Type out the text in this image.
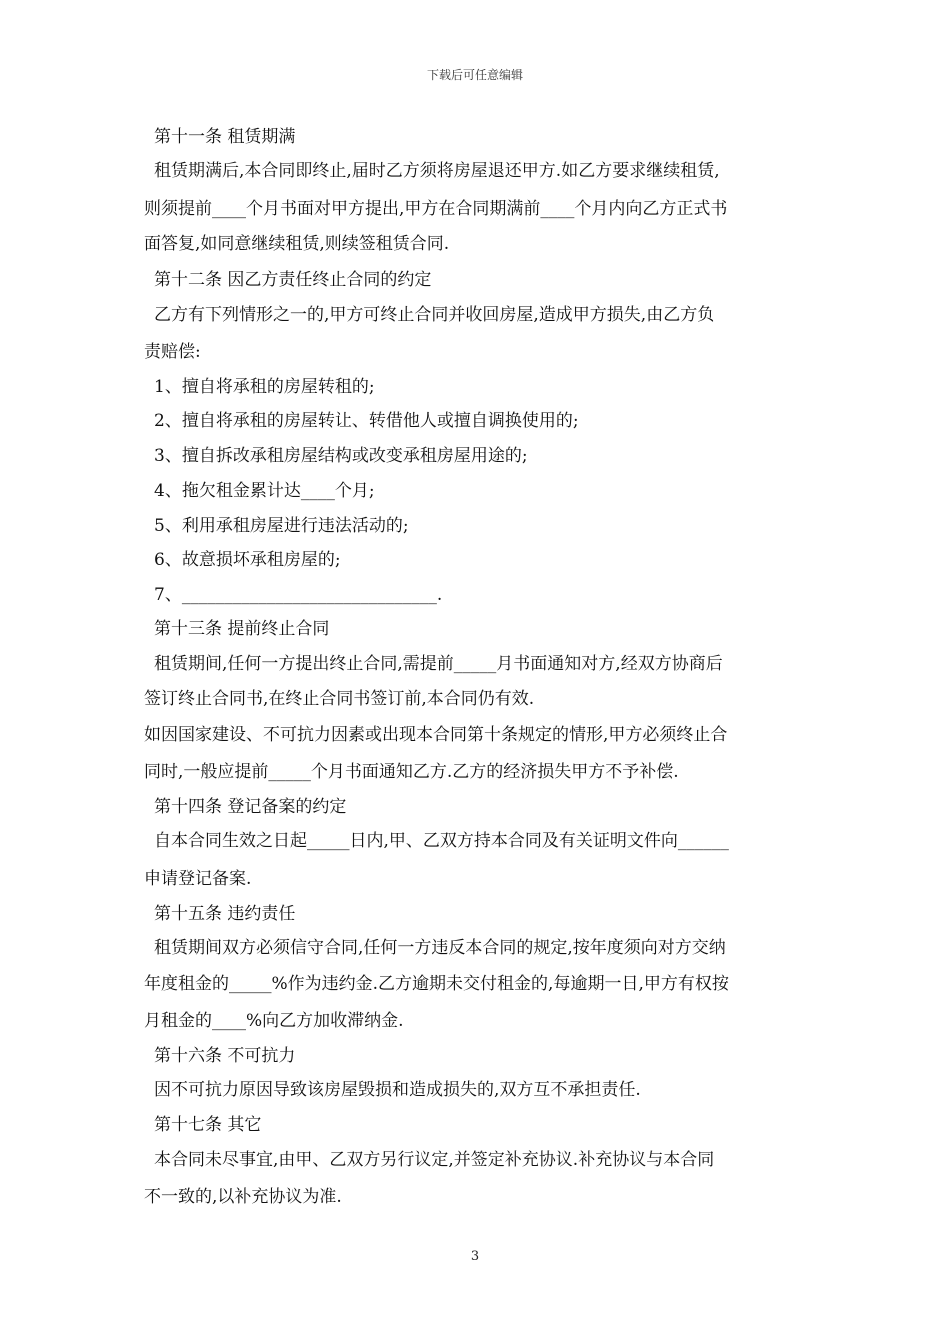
下载后可任意编辑
第十一条 租赁期满
租赁期满后,本合同即终止,届时乙方须将房屋退还甲方.如乙方要求继续租赁,
则须提前____个月书面对甲方提出,甲方在合同期满前____个月内向乙方正式书
面答复,如同意继续租赁,则续签租赁合同.
第十二条 因乙方责任终止合同的约定
乙方有下列情形之一的,甲方可终止合同并收回房屋,造成甲方损失,由乙方负
责赔偿:
1、擅自将承租的房屋转租的;
2、擅自将承租的房屋转让、转借他人或擅自调换使用的;
3、擅自拆改承租房屋结构或改变承租房屋用途的;
4、拖欠租金累计达____个月;
5、利用承租房屋进行违法活动的;
6、故意损坏承租房屋的;
7、______________________________.
第十三条 提前终止合同
租赁期间,任何一方提出终止合同,需提前_____月书面通知对方,经双方协商后
签订终止合同书,在终止合同书签订前,本合同仍有效.
如因国家建设、不可抗力因素或出现本合同第十条规定的情形,甲方必须终止合
同时,一般应提前_____个月书面通知乙方.乙方的经济损失甲方不予补偿.
第十四条 登记备案的约定
自本合同生效之日起_____日内,甲、乙双方持本合同及有关证明文件向______
申请登记备案.
第十五条 违约责任
租赁期间双方必须信守合同,任何一方违反本合同的规定,按年度须向对方交纳
年度租金的_____%作为违约金.乙方逾期未交付租金的,每逾期一日,甲方有权按
月租金的____%向乙方加收滞纳金.
第十六条 不可抗力
因不可抗力原因导致该房屋毁损和造成损失的,双方互不承担责任.
第十七条 其它
本合同未尽事宜,由甲、乙双方另行议定,并签定补充协议.补充协议与本合同
不一致的,以补充协议为准.
3
